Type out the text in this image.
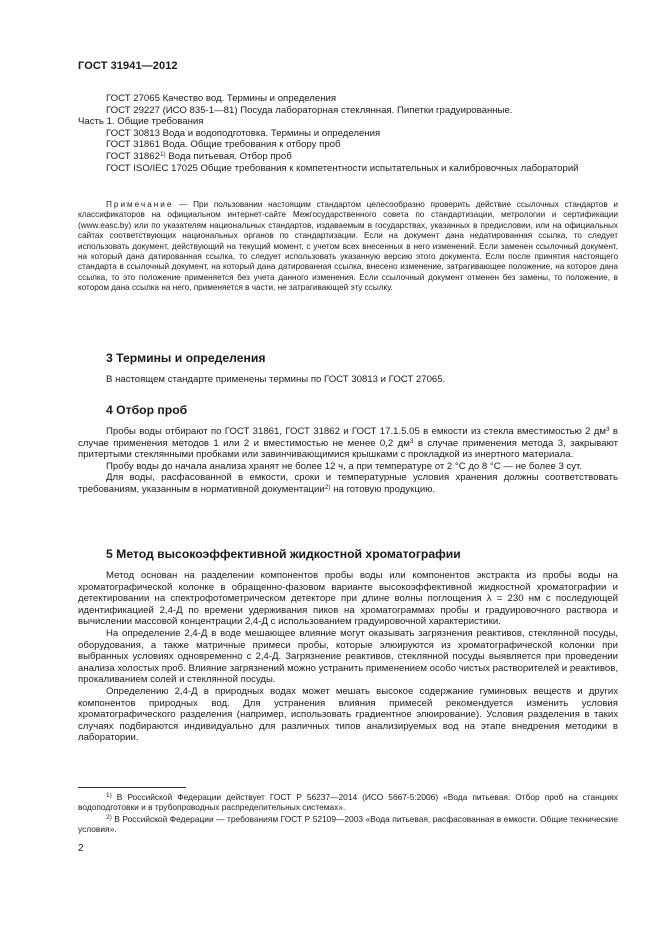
ГОСТ 31941—2012
ГОСТ 27065 Качество вод. Термины и определения
ГОСТ 29227 (ИСО 835-1—81) Посуда лабораторная стеклянная. Пипетки градуированные.
Часть 1. Общие требования
ГОСТ 30813 Вода и водоподготовка. Термины и определения
ГОСТ 31861 Вода. Общие требования к отбору проб
ГОСТ 31862$^{1)}$ Вода питьевая. Отбор проб
ГОСТ ISO/IEC 17025 Общие требования к компетентности испытательных и калибровочных лабораторий
Примечание — При пользовании настоящим стандартом целесообразно проверить действие ссылочных стандартов и классификаторов на официальном интернет-сайте Межгосударственного совета по стандартизации, метрологии и сертификации (www.easc.by) или по указателям национальных стандартов, издаваемым в государствах, указанных в предисловии, или на официальных сайтах соответствующих национальных органов по стандартизации. Если на документ дана недатированная ссылка, то следует использовать документ, действующий на текущий момент, с учетом всех внесенных в него изменений. Если заменен ссылочный документ, на который дана датированная ссылка, то следует использовать указанную версию этого документа. Если после принятия настоящего стандарта в ссылочный документ, на который дана датированная ссылка, внесено изменение, затрагивающее положение, на которое дана ссылка, то это положение применяется без учета данного изменения. Если ссылочный документ отменен без замены, то положение, в котором дана ссылка на него, применяется в части, не затрагивающей эту ссылку.
3 Термины и определения
В настоящем стандарте применены термины по ГОСТ 30813 и ГОСТ 27065.
4 Отбор проб

Пробы воды отбирают по ГОСТ 31861, ГОСТ 31862 и ГОСТ 17.1.5.05 в емкости из стекла вместимостью 2 $дм^3$ в случае применения методов 1 или 2 и вместимостью не менее 0,2 $дм^3$ в случае применения метода 3, закрывают притертыми стеклянными пробками или завинчивающимися крышками с прокладкой из инертного материала.

Пробу воды до начала анализа хранят не более 12 ч, а при температуре от 2 °С до 8 °С — не более 3 сут.

Для воды, расфасованной в емкости, сроки и температурные условия хранения должны соответствовать требованиям, указанным в нормативной документации$^{2)}$ на готовую продукцию.

5 Метод высокоэффективной жидкостной хроматографии

Метод основан на разделении компонентов пробы воды или компонентов экстракта из пробы воды на хроматографической колонке в обращенно-фазовом варианте высокоэффективной жидкостной хроматографии и детектировании на спектрофотометрическом детекторе при длине волны поглощения λ = 230 нм с последующей идентификацией 2,4-Д по времени удерживания пиков на хроматограммах пробы и градуировочного раствора и вычислении массовой концентрации 2,4-Д с использованием градуировочной характеристики.

На определение 2,4-Д в воде мешающее влияние могут оказывать загрязнения реактивов, стеклянной посуды, оборудования, а также матричные примеси пробы, которые элюируются из хроматографической колонки при выбранных условиях одновременно с 2,4-Д. Загрязнение реактивов, стеклянной посуды выявляется при проведении анализа холостых проб. Влияние загрязнений можно устранить применением особо чистых растворителей и реактивов, прокаливанием солей и стеклянной посуды.

Определению 2,4-Д в природных водах может мешать высокое содержание гуминовых веществ и других компонентов природных вод. Для устранения влияния примесей рекомендуется изменить условия хроматографического разделения (например, использовать градиентное элюирование). Условия разделения в таких случаях подбираются индивидуально для различных типов анализируемых вод на этапе внедрения методики в лаборатории.

$^{1)}$ В Российской Федерации действует ГОСТ Р 56237—2014 (ИСО 5667-5:2006) «Вода питьевая. Отбор проб на станциях водоподготовки и в трубопроводных распределительных системах».

$^{2)}$ В Российской Федерации — требованиям ГОСТ Р 52109—2003 «Вода питьевая, расфасованная в емкости. Общие технические условия».

2
